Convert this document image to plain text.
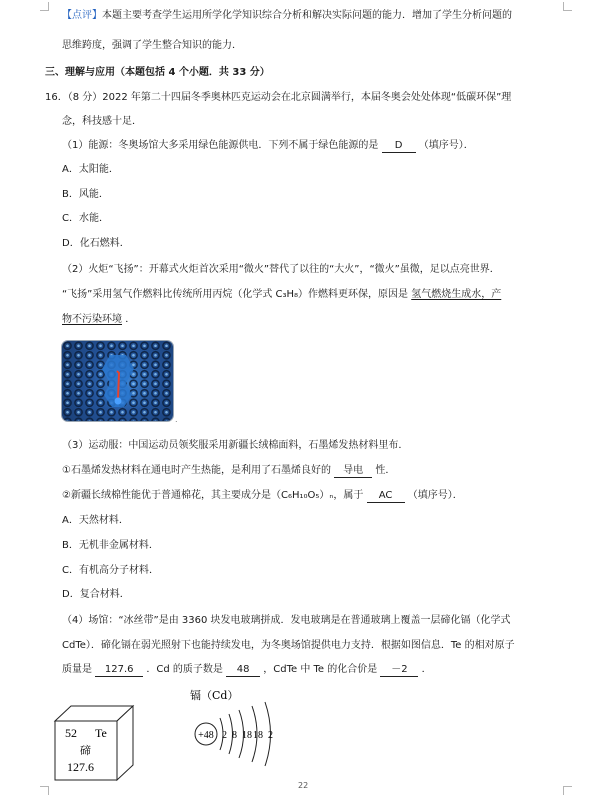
【点评】本题主要考查学生运用所学化学知识综合分析和解决实际问题的能力．增加了学生分析问题的
思维跨度，强调了学生整合知识的能力．
三、理解与应用（本题包括 4 个小题．共 33 分）
16．（8 分）2022 年第二十四届冬季奥林匹克运动会在北京圆满举行，本届冬奥会处处体现“低碳环保”理
念，科技感十足．
（1）能源：冬奥场馆大多采用绿色能源供电．下列不属于绿色能源的是 D （填序号）．
A．太阳能．
B．风能．
C．水能．
D．化石燃料．
（2）火炬“飞扬”：开幕式火炬首次采用“微火”替代了以往的“大火”，“微火”虽微，足以点亮世界．
“飞扬”采用氢气作燃料比传统所用丙烷（化学式 C₃H₈）作燃料更环保，原因是 氢气燃烧生成水，产
物不污染环境 ．
.
（3）运动服：中国运动员领奖服采用新疆长绒棉面料，石墨烯发热材料里布．
①石墨烯发热材料在通电时产生热能，是利用了石墨烯良好的 导电 性．
②新疆长绒棉性能优于普通棉花，其主要成分是（C₆H₁₀O₅）ₙ，属于 AC （填序号）．
A．天然材料．
B．无机非金属材料．
C．有机高分子材料．
D．复合材料．
（4）场馆：“冰丝带”是由 3360 块发电玻璃拼成．发电玻璃是在普通玻璃上覆盖一层碲化镉（化学式
CdTe）．碲化镉在弱光照射下也能持续发电，为冬奥场馆提供电力支持．根据如图信息．Te 的相对原子
质量是 127.6 ．Cd 的质子数是 48 ，CdTe 中 Te 的化合价是 －2 ．
52 Te
碲
127.6
镉（Cd）
+48 2 8 18 18 2
22
